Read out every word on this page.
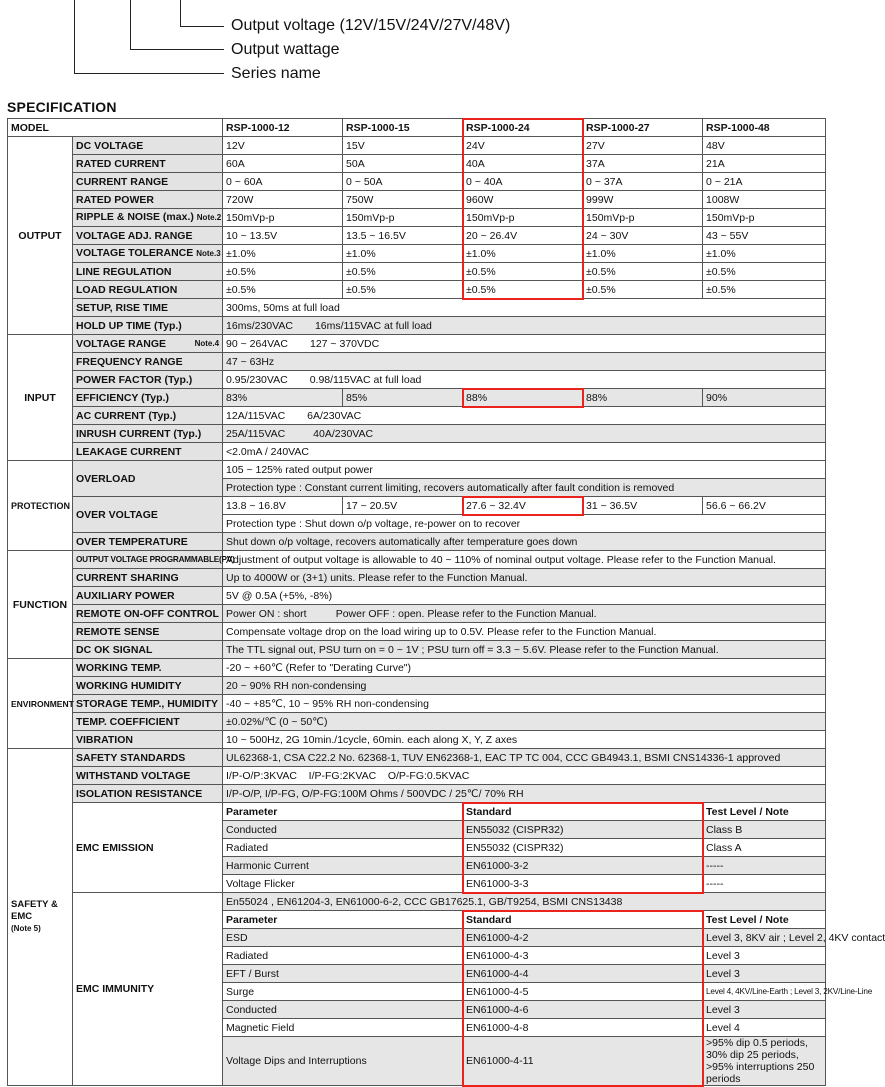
Output voltage (12V/15V/24V/27V/48V)
Output wattage
Series name
SPECIFICATION
MODEL		RSP-1000-12	RSP-1000-15	RSP-1000-24	RSP-1000-27	RSP-1000-48
OUTPUT	DC VOLTAGE	12V	15V	24V	27V	48V
	RATED CURRENT	60A	50A	40A	37A	21A
	CURRENT RANGE	0 ~ 60A	0 ~ 50A	0 ~ 40A	0 ~ 37A	0 ~ 21A
	RATED POWER	720W	750W	960W	999W	1008W
	RIPPLE & NOISE (max.) Note.2	150mVp-p	150mVp-p	150mVp-p	150mVp-p	150mVp-p
	VOLTAGE ADJ. RANGE	10 ~ 13.5V	13.5 ~ 16.5V	20 ~ 26.4V	24 ~ 30V	43 ~ 55V
	VOLTAGE TOLERANCE Note.3	±1.0%	±1.0%	±1.0%	±1.0%	±1.0%
	LINE REGULATION	±0.5%	±0.5%	±0.5%	±0.5%	±0.5%
	LOAD REGULATION	±0.5%	±0.5%	±0.5%	±0.5%	±0.5%
	SETUP, RISE TIME	300ms, 50ms at full load				
	HOLD UP TIME (Typ.)	16ms/230VAC 16ms/115VAC at full load				
INPUT	VOLTAGE RANGE Note.4	90 ~ 264VAC 127 ~ 370VDC				
	FREQUENCY RANGE	47 ~ 63Hz				
	POWER FACTOR (Typ.)	0.95/230VAC 0.98/115VAC at full load				
	EFFICIENCY (Typ.)	83%	85%	88%	88%	90%
	AC CURRENT (Typ.)	12A/115VAC 6A/230VAC				
	INRUSH CURRENT (Typ.)	25A/115VAC 40A/230VAC				
	LEAKAGE CURRENT	<2.0mA / 240VAC				
PROTECTION	OVERLOAD	105 ~ 125% rated output power				
		Protection type : Constant current limiting, recovers automatically after fault condition is removed				
	OVER VOLTAGE	13.8 ~ 16.8V	17 ~ 20.5V	27.6 ~ 32.4V	31 ~ 36.5V	56.6 ~ 66.2V
		Protection type : Shut down o/p voltage, re-power on to recover				
	OVER TEMPERATURE	Shut down o/p voltage, recovers automatically after temperature goes down				
FUNCTION	OUTPUT VOLTAGE PROGRAMMABLE(PV)	Adjustment of output voltage is allowable to 40 ~ 110% of nominal output voltage. Please refer to the Function Manual.				
	CURRENT SHARING	Up to 4000W or (3+1) units. Please refer to the Function Manual.				
	AUXILIARY POWER	5V @ 0.5A (+5%, -8%)				
	REMOTE ON-OFF CONTROL	Power ON : short          Power OFF : open. Please refer to the Function Manual.				
	REMOTE SENSE	Compensate voltage drop on the load wiring up to 0.5V. Please refer to the Function Manual.				
	DC OK SIGNAL	The TTL signal out, PSU turn on = 0 ~ 1V ; PSU turn off = 3.3 ~ 5.6V. Please refer to the Function Manual.				
ENVIRONMENT	WORKING TEMP.	-20 ~ +60℃ (Refer to "Derating Curve")				
	WORKING HUMIDITY	20 ~ 90% RH non-condensing				
	STORAGE TEMP., HUMIDITY	-40 ~ +85℃, 10 ~ 95% RH non-condensing				
	TEMP. COEFFICIENT	±0.02%/℃ (0 ~ 50℃)				
	VIBRATION	10 ~ 500Hz, 2G 10min./1cycle, 60min. each along X, Y, Z axes				

SAFETY &
EMC
(Note 5)	SAFETY STANDARDS	UL62368-1, CSA C22.2 No. 62368-1, TUV EN62368-1, EAC TP TC 004, CCC GB4943.1, BSMI CNS14336-1 approved				
	WITHSTAND VOLTAGE	I/P-O/P:3KVAC    I/P-FG:2KVAC    O/P-FG:0.5KVAC				
	ISOLATION RESISTANCE	I/P-O/P, I/P-FG, O/P-FG:100M Ohms / 500VDC / 25℃/ 70% RH				
	EMC EMISSION	Parameter		Standard		Test Level / Note
		Conducted		EN55032 (CISPR32)		Class B
		Radiated		EN55032 (CISPR32)		Class A
		Harmonic Current		EN61000-3-2		-----
		Voltage Flicker		EN61000-3-3		-----
	EMC IMMUNITY	En55024 , EN61204-3, EN61000-6-2, CCC GB17625.1, GB/T9254, BSMI CNS13438				
		Parameter		Standard		Test Level / Note
		ESD		EN61000-4-2		Level 3, 8KV air ; Level 2, 4KV contact
		Radiated		EN61000-4-3		Level 3
		EFT / Burst		EN61000-4-4		Level 3
		Surge		EN61000-4-5		Level 4, 4KV/Line-Earth ; Level 3, 2KV/Line-Line
		Conducted		EN61000-4-6		Level 3
		Magnetic Field		EN61000-4-8		Level 4
		Voltage Dips and Interruptions		EN61000-4-11		>95% dip 0.5 periods, 30% dip 25 periods,
>95% interruptions 250 periods
